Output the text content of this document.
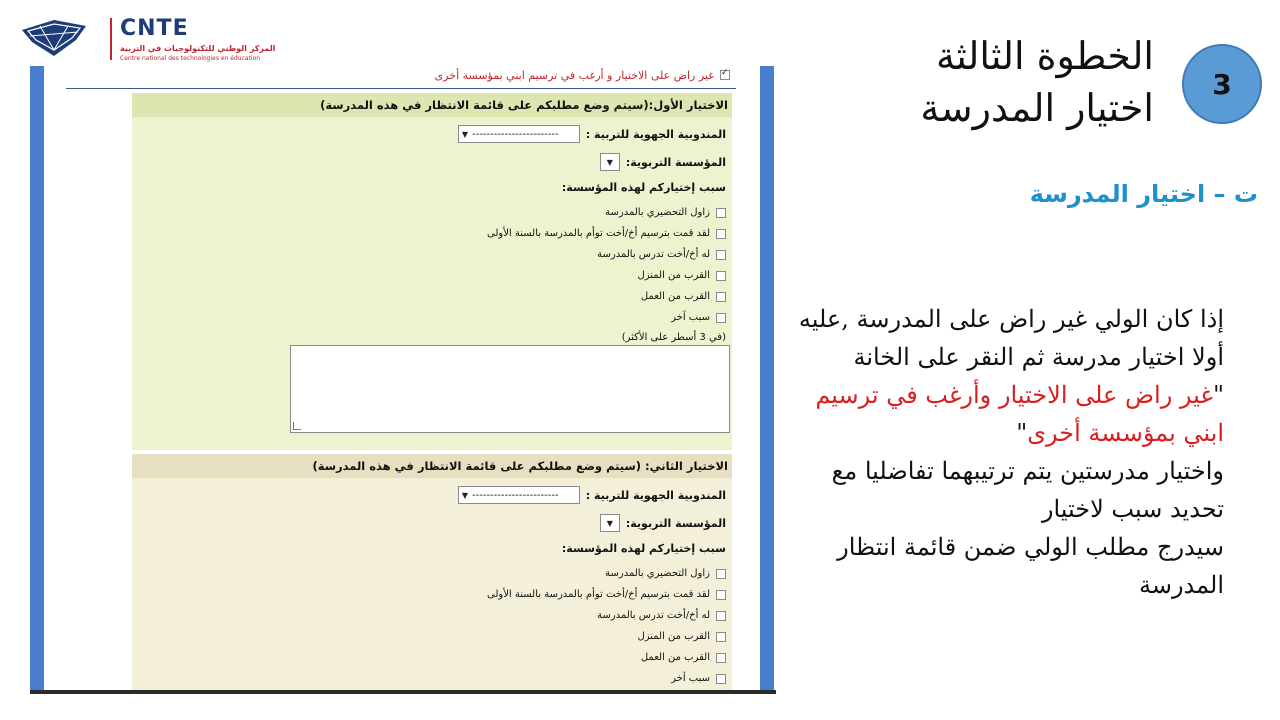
CNTE
المركز الوطني للتكنولوجيات في التربية
Centre national des technologies en éducation
✓
غير راض على الاختيار و أرغب في ترسيم ابني بمؤسسة أخرى
الاختيار الأول:(سيتم وضع مطلبكم على قائمة الانتظار في هذه المدرسة)
المندوبية الجهوية للتربية :
▼ ------------------------
المؤسسة التربوية:
▼
سبب إختياركم لهذه المؤسسة:
زاول التحضيري بالمدرسة
لقد قمت بترسيم أخ/أخت توأم بالمدرسة بالسنة الأولى
له أخ/أخت تدرس بالمدرسة
القرب من المنزل
القرب من العمل
سبب آخر
(في 3 أسطر على الأكثر)
الاختيار الثاني: (سيتم وضع مطلبكم على قائمة الانتظار في هذه المدرسة)
المندوبية الجهوية للتربية :
▼ ------------------------
المؤسسة التربوية:
▼
سبب إختياركم لهذه المؤسسة:
زاول التحضيري بالمدرسة
لقد قمت بترسيم أخ/أخت توأم بالمدرسة بالسنة الأولى
له أخ/أخت تدرس بالمدرسة
القرب من المنزل
القرب من العمل
سبب آخر
الخطوة الثالثة
اختيار المدرسة
3
ت – اختيار المدرسة
إذا كان الولي غير راض على المدرسة ,عليه
أولا اختيار مدرسة ثم النقر على الخانة
"غير راض على الاختيار وأرغب في ترسيم
ابني بمؤسسة أخرى"
واختيار مدرستين يتم ترتيبهما تفاضليا مع
تحديد سبب لاختيار
سيدرج مطلب الولي ضمن قائمة انتظار
المدرسة
